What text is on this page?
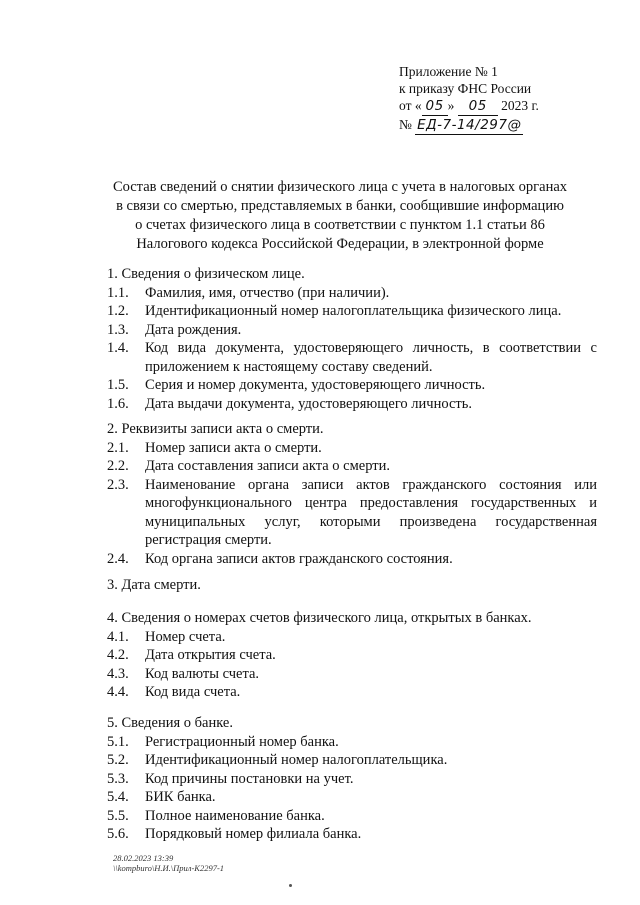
Приложение № 1
к приказу ФНС России
от « 05 » 05 2023 г.
№ ЕД-7-14/297@
Состав сведений о снятии физического лица с учета в налоговых органах
в связи со смертью, представляемых в банки, сообщившие информацию
о счетах физического лица в соответствии с пунктом 1.1 статьи 86
Налогового кодекса Российской Федерации, в электронной форме
1. Сведения о физическом лице.
1.1.	Фамилия, имя, отчество (при наличии).
1.2.	Идентификационный номер налогоплательщика физического лица.
1.3.	Дата рождения.
1.4.	Код вида документа, удостоверяющего личность, в соответствии с приложением к настоящему составу сведений.
1.5.	Серия и номер документа, удостоверяющего личность.
1.6.	Дата выдачи документа, удостоверяющего личность.
2. Реквизиты записи акта о смерти.
2.1.	Номер записи акта о смерти.
2.2.	Дата составления записи акта о смерти.
2.3.	Наименование органа записи актов гражданского состояния или многофункционального центра предоставления государственных и муниципальных услуг, которыми произведена государственная регистрация смерти.
2.4.	Код органа записи актов гражданского состояния.
3. Дата смерти.
4. Сведения о номерах счетов физического лица, открытых в банках.
4.1.	Номер счета.
4.2.	Дата открытия счета.
4.3.	Код валюты счета.
4.4.	Код вида счета.
5. Сведения о банке.
5.1.	Регистрационный номер банка.
5.2.	Идентификационный номер налогоплательщика.
5.3.	Код причины постановки на учет.
5.4.	БИК банка.
5.5.	Полное наименование банка.
5.6.	Порядковый номер филиала банка.
28.02.2023 13:39
\\kompburo\Н.И.\Прил-К2297-1
